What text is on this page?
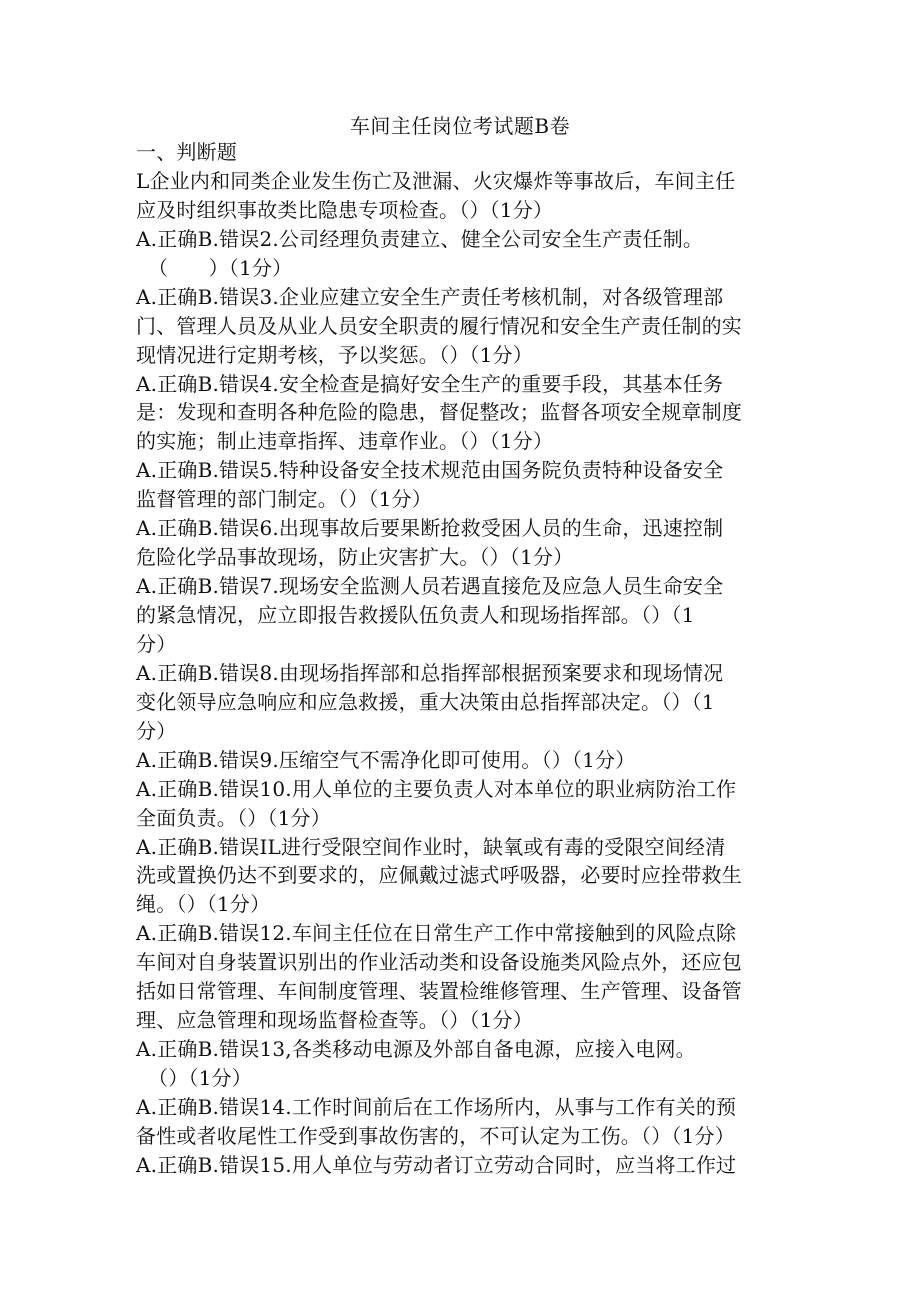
车间主任岗位考试题B卷
一、判断题
L企业内和同类企业发生伤亡及泄漏、火灾爆炸等事故后，车间主任
应及时组织事故类比隐患专项检查。（）（1分）
A.正确B.错误2.公司经理负责建立、健全公司安全生产责任制。
（　　）（1分）
A.正确B.错误3.企业应建立安全生产责任考核机制，对各级管理部
门、管理人员及从业人员安全职责的履行情况和安全生产责任制的实
现情况进行定期考核，予以奖惩。（）（1分）
A.正确B.错误4.安全检查是搞好安全生产的重要手段，其基本任务
是：发现和查明各种危险的隐患，督促整改；监督各项安全规章制度
的实施；制止违章指挥、违章作业。（）（1分）
A.正确B.错误5.特种设备安全技术规范由国务院负责特种设备安全
监督管理的部门制定。（）（1分）
A.正确B.错误6.出现事故后要果断抢救受困人员的生命，迅速控制
危险化学品事故现场，防止灾害扩大。（）（1分）
A.正确B.错误7.现场安全监测人员若遇直接危及应急人员生命安全
的紧急情况，应立即报告救援队伍负责人和现场指挥部。（）（1
分）
A.正确B.错误8.由现场指挥部和总指挥部根据预案要求和现场情况
变化领导应急响应和应急救援，重大决策由总指挥部决定。（）（1
分）
A.正确B.错误9.压缩空气不需净化即可使用。（）（1分）
A.正确B.错误10.用人单位的主要负责人对本单位的职业病防治工作
全面负责。（）（1分）
A.正确B.错误IL进行受限空间作业时，缺氧或有毒的受限空间经清
洗或置换仍达不到要求的，应佩戴过滤式呼吸器，必要时应拴带救生
绳。（）（1分）
A.正确B.错误12.车间主任位在日常生产工作中常接触到的风险点除
车间对自身装置识别出的作业活动类和设备设施类风险点外，还应包
括如日常管理、车间制度管理、装置检维修管理、生产管理、设备管
理、应急管理和现场监督检查等。（）（1分）
A.正确B.错误13,各类移动电源及外部自备电源，应接入电网。
（）（1分）
A.正确B.错误14.工作时间前后在工作场所内，从事与工作有关的预
备性或者收尾性工作受到事故伤害的，不可认定为工伤。（）（1分）
A.正确B.错误15.用人单位与劳动者订立劳动合同时，应当将工作过
